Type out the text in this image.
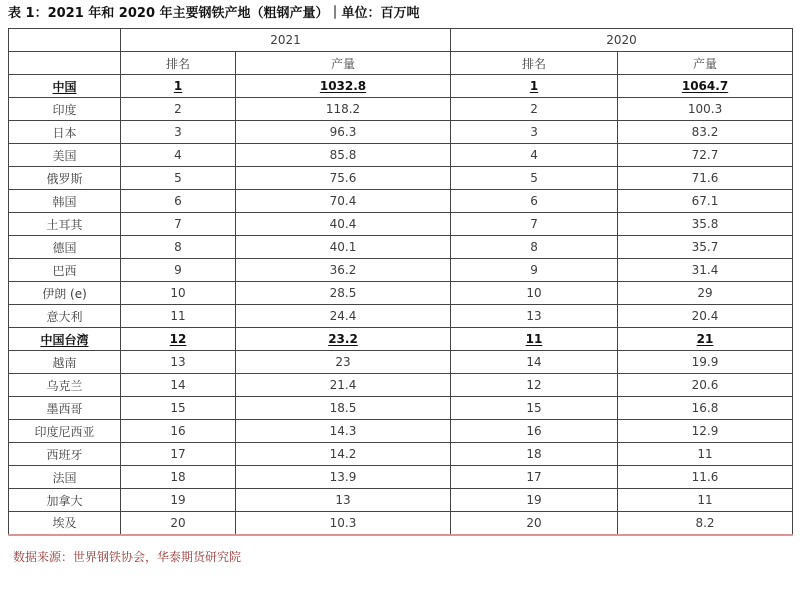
表 1：2021 年和 2020 年主要钢铁产地（粗钢产量）｜单位：百万吨
	2021		2020	
	排名	产量	排名	产量
中国	1	1032.8	1	1064.7
印度	2	118.2	2	100.3
日本	3	96.3	3	83.2
美国	4	85.8	4	72.7
俄罗斯	5	75.6	5	71.6
韩国	6	70.4	6	67.1
土耳其	7	40.4	7	35.8
德国	8	40.1	8	35.7
巴西	9	36.2	9	31.4
伊朗 (e)	10	28.5	10	29
意大利	11	24.4	13	20.4
中国台湾	12	23.2	11	21
越南	13	23	14	19.9
乌克兰	14	21.4	12	20.6
墨西哥	15	18.5	15	16.8
印度尼西亚	16	14.3	16	12.9
西班牙	17	14.2	18	11
法国	18	13.9	17	11.6
加拿大	19	13	19	11
埃及	20	10.3	20	8.2
数据来源：世界钢铁协会，华泰期货研究院
